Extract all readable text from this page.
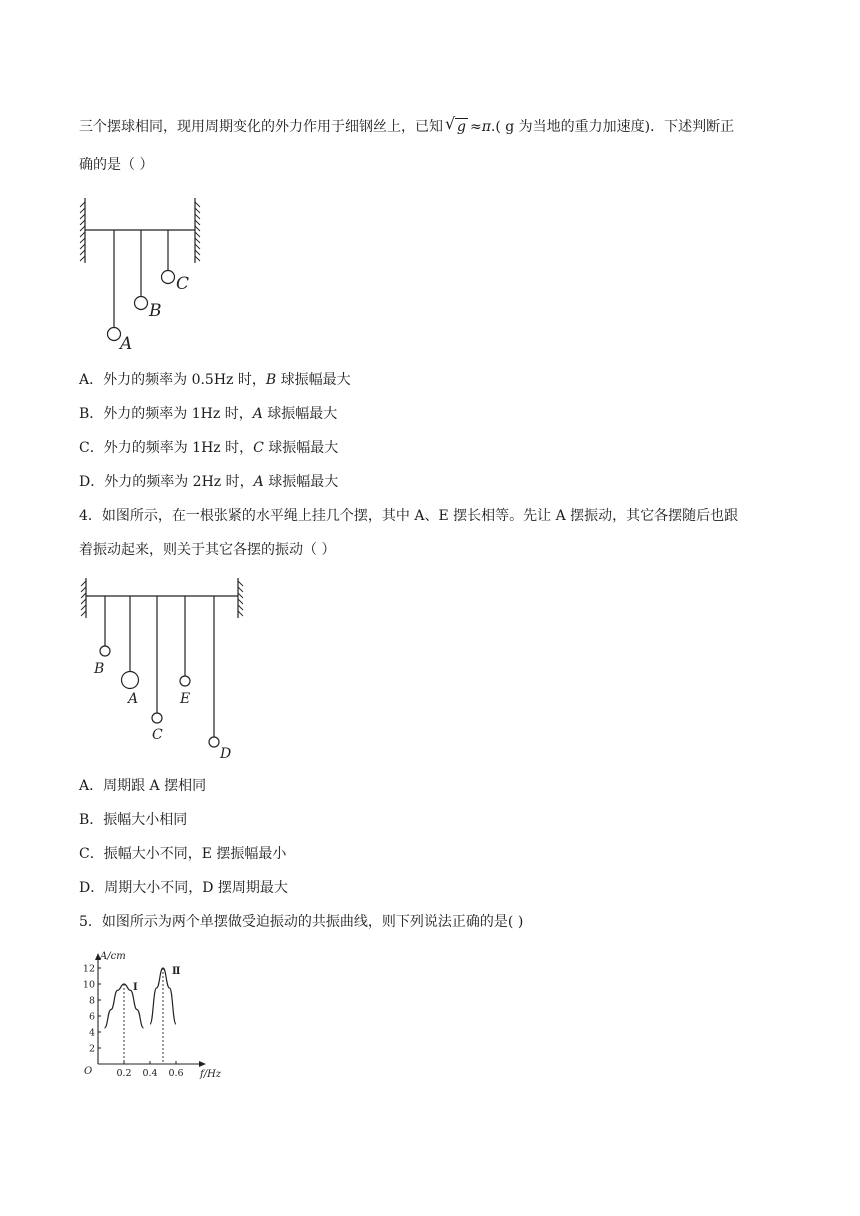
三个摆球相同，现用周期变化的外力作用于细钢丝上，已知 √ g ≈π.( g 为当地的重力加速度)．下述判断正
确的是（ ）
A
B
C
A．外力的频率为 0.5Hz 时，B 球振幅最大
B．外力的频率为 1Hz 时，A 球振幅最大
C．外力的频率为 1Hz 时，C 球振幅最大
D．外力的频率为 2Hz 时，A 球振幅最大
4．如图所示，在一根张紧的水平绳上挂几个摆，其中 A、E 摆长相等。先让 A 摆振动，其它各摆随后也跟
着振动起来，则关于其它各摆的振动（ ）
B
A
C
E
D
A．周期跟 A 摆相同
B．振幅大小相同
C．振幅大小不同，E 摆振幅最小
D．周期大小不同，D 摆周期最大
5．如图所示为两个单摆做受迫振动的共振曲线，则下列说法正确的是( )
A/cm
f/Hz
O
12
10
8
6
4
2
0.2 0.4 0.6
Ⅰ
Ⅱ
